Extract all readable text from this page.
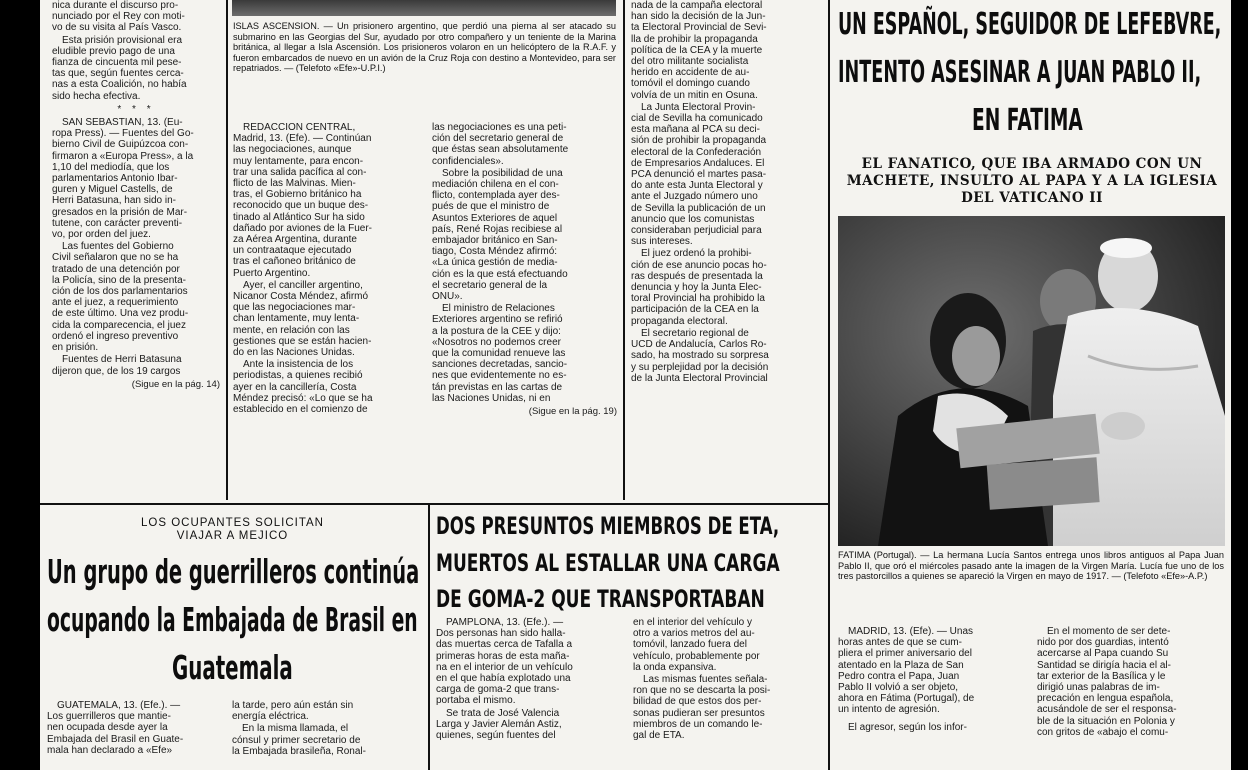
nica durante el discurso pro-
nunciado por el Rey con moti-
vo de su visita al País Vasco.

Esta prisión provisional era
eludible previo pago de una
fianza de cincuenta mil pese-
tas que, según fuentes cerca-
nas a esta Coalición, no había
sido hecha efectiva.

* * *

SAN SEBASTIAN, 13. (Eu-
ropa Press). — Fuentes del Go-
bierno Civil de Guipúzcoa con-
firmaron a «Europa Press», a la
1,10 del mediodía, que los
parlamentarios Antonio Ibar-
guren y Miguel Castells, de
Herri Batasuna, han sido in-
gresados en la prisión de Mar-
tutene, con carácter preventi-
vo, por orden del juez.

Las fuentes del Gobierno
Civil señalaron que no se ha
tratado de una detención por
la Policía, sino de la presenta-
ción de los dos parlamentarios
ante el juez, a requerimiento
de este último. Una vez produ-
cida la comparecencia, el juez
ordenó el ingreso preventivo
en prisión.

Fuentes de Herri Batasuna
dijeron que, de los 19 cargos

(Sigue en la pág. 14)
ISLAS ASCENSION. — Un prisionero argentino, que perdió una pierna al ser atacado su submarino en las Georgias del Sur, ayudado por otro compañero y un teniente de la Marina británica, al llegar a Isla Ascensión. Los prisioneros volaron en un helicóptero de la R.A.F. y fueron embarcados de nuevo en un avión de la Cruz Roja con destino a Montevideo, para ser repatriados. — (Telefoto «Efe»-U.P.I.)

REDACCION CENTRAL,
Madrid, 13. (Efe). — Continúan
las negociaciones, aunque
muy lentamente, para encon-
trar una salida pacífica al con-
flicto de las Malvinas. Mien-
tras, el Gobierno británico ha
reconocido que un buque des-
tinado al Atlántico Sur ha sido
dañado por aviones de la Fuer-
za Aérea Argentina, durante
un contraataque ejecutado
tras el cañoneo británico de
Puerto Argentino.

Ayer, el canciller argentino,
Nicanor Costa Méndez, afirmó
que las negociaciones mar-
chan lentamente, muy lenta-
mente, en relación con las
gestiones que se están hacien-
do en las Naciones Unidas.

Ante la insistencia de los
periodistas, a quienes recibió
ayer en la cancillería, Costa
Méndez precisó: «Lo que se ha
establecido en el comienzo de

las negociaciones es una peti-
ción del secretario general de
que éstas sean absolutamente
confidenciales».

Sobre la posibilidad de una
mediación chilena en el con-
flicto, contemplada ayer des-
pués de que el ministro de
Asuntos Exteriores de aquel
país, René Rojas recibiese al
embajador británico en San-
tiago, Costa Méndez afirmó:
«La única gestión de media-
ción es la que está efectuando
el secretario general de la
ONU».

El ministro de Relaciones
Exteriores argentino se refirió
a la postura de la CEE y dijo:
«Nosotros no podemos creer
que la comunidad renueve las
sanciones decretadas, sancio-
nes que evidentemente no es-
tán previstas en las cartas de
las Naciones Unidas, ni en

(Sigue en la pág. 19)

nada de la campaña electoral
han sido la decisión de la Jun-
ta Electoral Provincial de Sevi-
lla de prohibir la propaganda
política de la CEA y la muerte
del otro militante socialista
herido en accidente de au-
tomóvil el domingo cuando
volvía de un mitin en Osuna.

La Junta Electoral Provin-
cial de Sevilla ha comunicado
esta mañana al PCA su deci-
sión de prohibir la propaganda
electoral de la Confederación
de Empresarios Andaluces. El
PCA denunció el martes pasa-
do ante esta Junta Electoral y
ante el Juzgado número uno
de Sevilla la publicación de un
anuncio que los comunistas
consideraban perjudicial para
sus intereses.

El juez ordenó la prohibi-
ción de ese anuncio pocas ho-
ras después de presentada la
denuncia y hoy la Junta Elec-
toral Provincial ha prohibido la
participación de la CEA en la
propaganda electoral.

El secretario regional de
UCD de Andalucía, Carlos Ro-
sado, ha mostrado su sorpresa
y su perplejidad por la decisión
de la Junta Electoral Provincial

UN ESPAÑOL, SEGUIDOR DE LEFEBVRE,
INTENTO ASESINAR A JUAN PABLO II,
EN FATIMA
EL FANATICO, QUE IBA ARMADO CON UN
MACHETE, INSULTO AL PAPA Y A LA IGLESIA
DEL VATICANO II
FATIMA (Portugal). — La hermana Lucía Santos entrega unos libros antiguos al Papa Juan Pablo II, que oró el miércoles pasado ante la imagen de la Virgen María. Lucía fue uno de los tres pastorcillos a quienes se apareció la Virgen en mayo de 1917. — (Telefoto «Efe»-A.P.)

MADRID, 13. (Efe). — Unas
horas antes de que se cum-
pliera el primer aniversario del
atentado en la Plaza de San
Pedro contra el Papa, Juan
Pablo II volvió a ser objeto,
ahora en Fátima (Portugal), de
un intento de agresión.

El agresor, según los infor-

En el momento de ser dete-
nido por dos guardias, intentó
acercarse al Papa cuando Su
Santidad se dirigía hacia el al-
tar exterior de la Basílica y le
dirigió unas palabras de im-
precación en lengua española,
acusándole de ser el responsa-
ble de la situación en Polonia y
con gritos de «abajo el comu-

LOS OCUPANTES SOLICITAN
VIAJAR A MEJICO
Un grupo de guerrilleros continúa
ocupando la Embajada de Brasil en
Guatemala

GUATEMALA, 13. (Efe.). —
Los guerrilleros que mantie-
nen ocupada desde ayer la
Embajada del Brasil en Guate-
mala han declarado a «Efe»

la tarde, pero aún están sin
energía eléctrica.

En la misma llamada, el
cónsul y primer secretario de
la Embajada brasileña, Ronal-

DOS PRESUNTOS MIEMBROS DE ETA,
MUERTOS AL ESTALLAR UNA CARGA
DE GOMA-2 QUE TRANSPORTABAN

PAMPLONA, 13. (Efe.). —
Dos personas han sido halla-
das muertas cerca de Tafalla a
primeras horas de esta maña-
na en el interior de un vehículo
en el que había explotado una
carga de goma-2 que trans-
portaba el mismo.

Se trata de José Valencia
Larga y Javier Alemán Astiz,
quienes, según fuentes del

en el interior del vehículo y
otro a varios metros del au-
tomóvil, lanzado fuera del
vehículo, probablemente por
la onda expansiva.

Las mismas fuentes señala-
ron que no se descarta la posi-
bilidad de que estos dos per-
sonas pudieran ser presuntos
miembros de un comando le-
gal de ETA.
